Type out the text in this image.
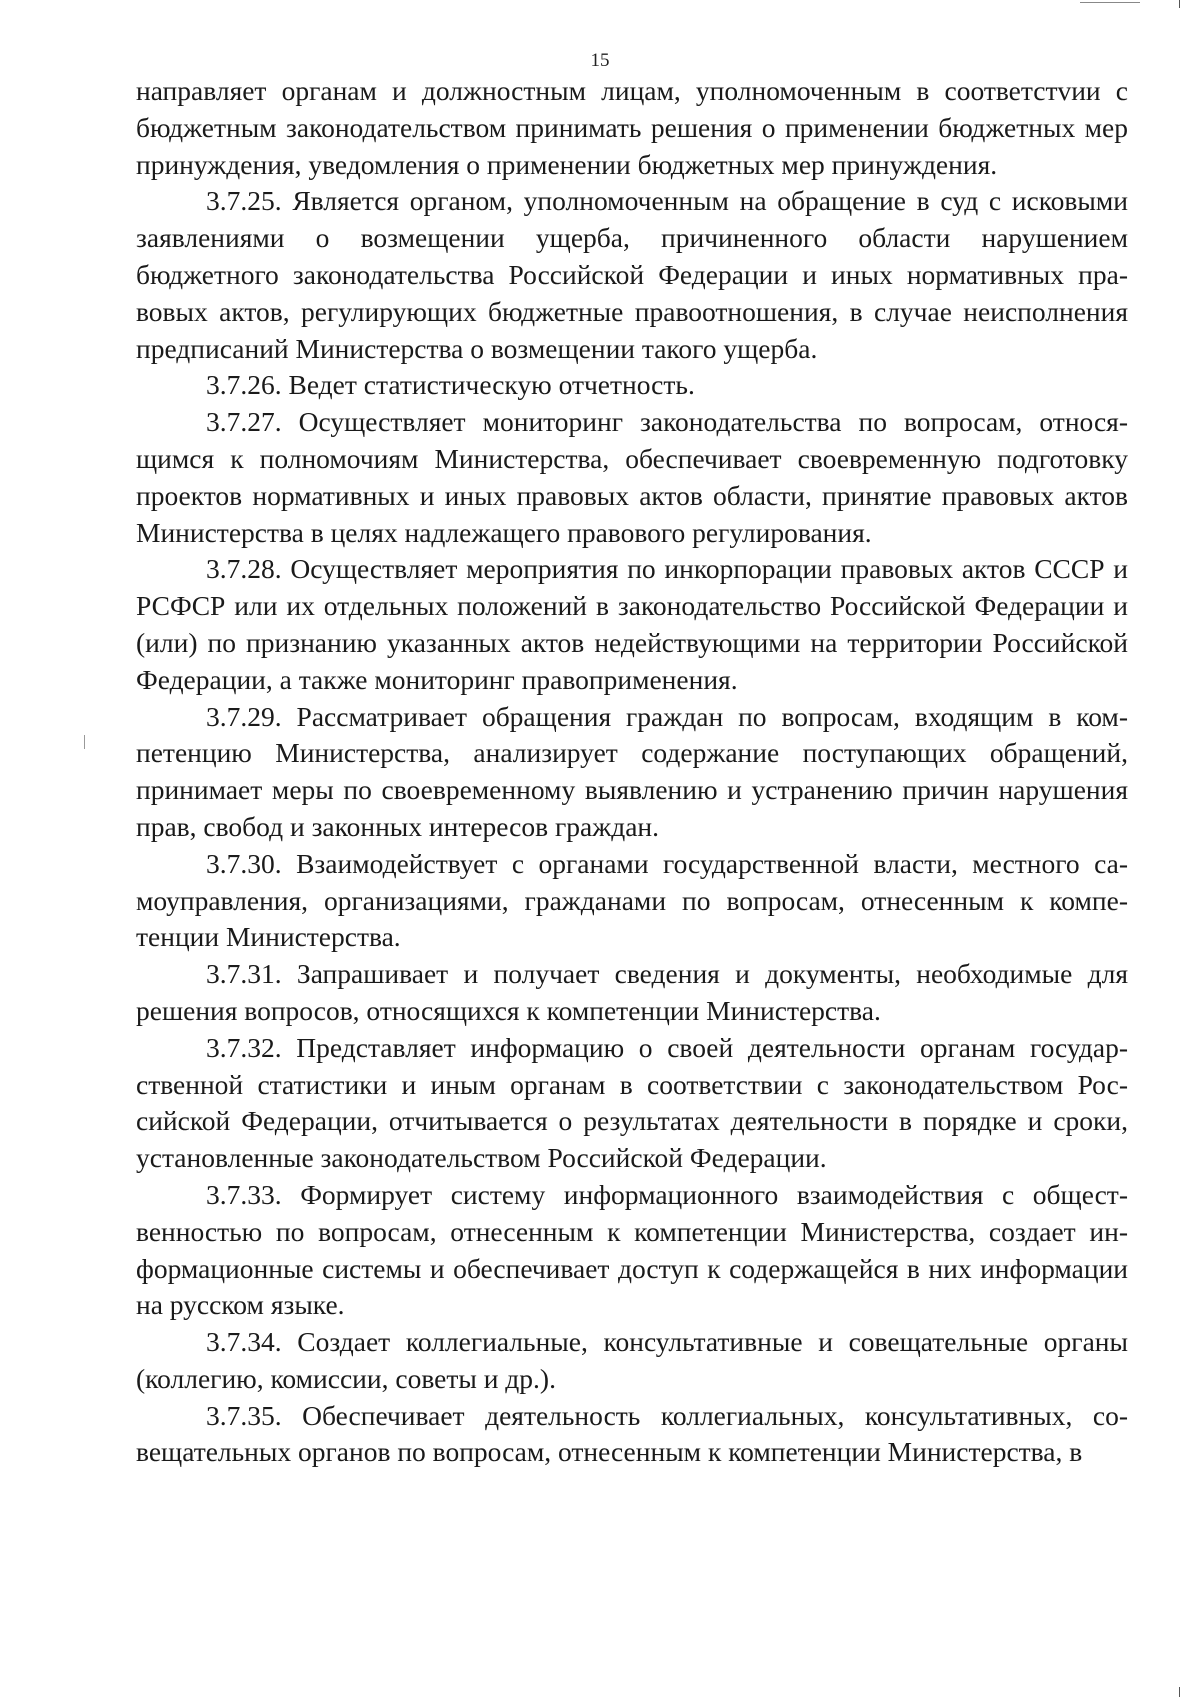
15

направляет органам и должностным лицам, уполномоченным в соответстvии с бюджетным законодательством принимать решения о применении бюджетных мер принуждения, уведомления о применении бюджетных мер принуждения.

3.7.25. Является органом, уполномоченным на обращение в суд с исковыми заявлениями о возмещении ущерба, причиненного области нарушением бюджетного законодательства Российской Федерации и иных нормативных правовых актов, регулирующих бюджетные правоотношения, в случае неисполнения предписаний Министерства о возмещении такого ущерба.

3.7.26. Ведет статистическую отчетность.

3.7.27. Осуществляет мониторинг законодательства по вопросам, относящимся к полномочиям Министерства, обеспечивает своевременную подготовку проектов нормативных и иных правовых актов области, принятие правовых актов Министерства в целях надлежащего правового регулирования.

3.7.28. Осуществляет мероприятия по инкорпорации правовых актов СССР и РСФСР или их отдельных положений в законодательство Российской Федерации и (или) по признанию указанных актов недействующими на территории Российской Федерации, а также мониторинг правоприменения.

3.7.29. Рассматривает обращения граждан по вопросам, входящим в компетенцию Министерства, анализирует содержание поступающих обращений, принимает меры по своевременному выявлению и устранению причин нарушения прав, свобод и законных интересов граждан.

3.7.30. Взаимодействует с органами государственной власти, местного самоуправления, организациями, гражданами по вопросам, отнесенным к компетенции Министерства.

3.7.31. Запрашивает и получает сведения и документы, необходимые для решения вопросов, относящихся к компетенции Министерства.

3.7.32. Представляет информацию о своей деятельности органам государственной статистики и иным органам в соответствии с законодательством Российской Федерации, отчитывается о результатах деятельности в порядке и сроки, установленные законодательством Российской Федерации.

3.7.33. Формирует систему информационного взаимодействия с общественностью по вопросам, отнесенным к компетенции Министерства, создает информационные системы и обеспечивает доступ к содержащейся в них информации на русском языке.

3.7.34. Создает коллегиальные, консультативные и совещательные органы (коллегию, комиссии, советы и др.).

3.7.35. Обеспечивает деятельность коллегиальных, консультативных, совещательных органов по вопросам, отнесенным к компетенции Министерства, в
